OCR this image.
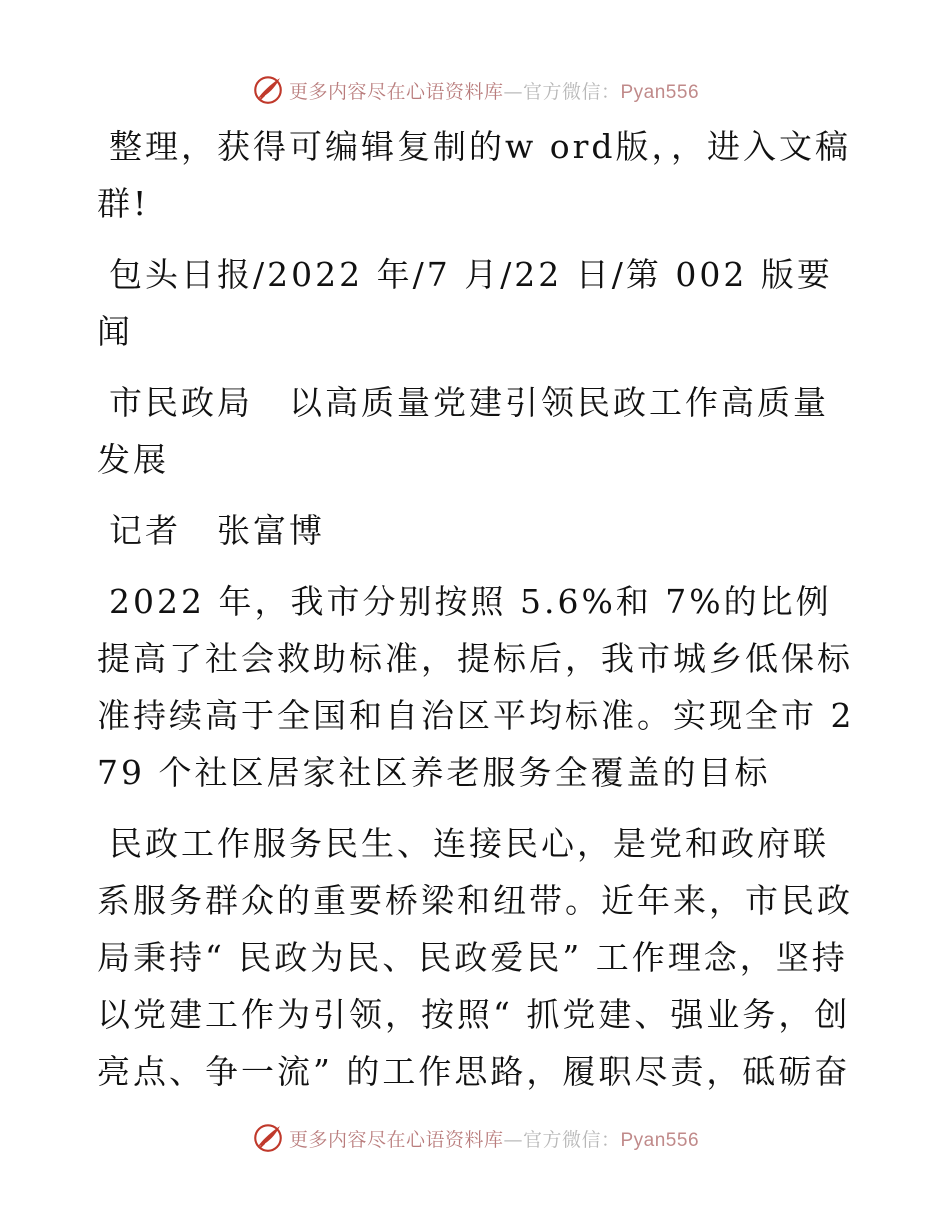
更多内容尽在心语资料库—官方微信：Pyan556

整理，获得可编辑复制的w ord版，，进入文稿群!

包头日报/2022 年/7 月/22 日/第 002 版要闻

市民政局　以高质量党建引领民政工作高质量发展

记者　张富博

2022 年，我市分别按照 5.6%和 7%的比例提高了社会救助标准，提标后，我市城乡低保标准持续高于全国和自治区平均标准。实现全市 279 个社区居家社区养老服务全覆盖的目标

民政工作服务民生、连接民心，是党和政府联系服务群众的重要桥梁和纽带。近年来，市民政局秉持“ 民政为民、民政爱民” 工作理念，坚持以党建工作为引领，按照“ 抓党建、强业务，创亮点、争一流” 的工作思路，履职尽责，砥砺奋

更多内容尽在心语资料库—官方微信：Pyan556
